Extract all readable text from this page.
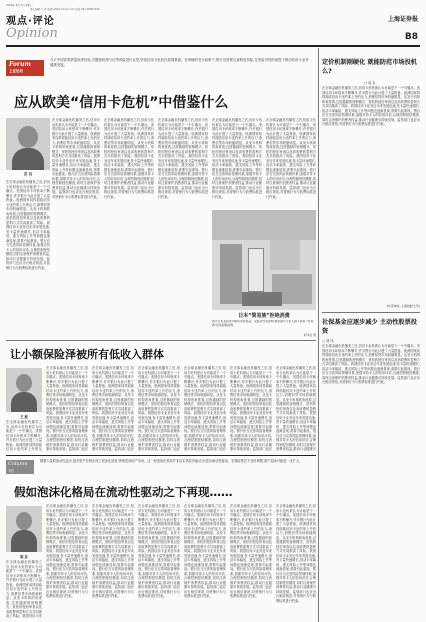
2009年 8月 4日 星期二
责任编辑:王 芳 电邮:wf@cnstock.com 电话:021-38967926
观点·评论
Opinion
上海证券报
B8
Forum
上证论坛
今天中国需要借鉴欧美经验,对激励机制与信贷风险进行反思,防范信用卡危机在我国重演。在审慎的发卡政策下,银行也需要注意防范风险,在风险可控的前提下推动信用卡业务健康发展。
应从欧美“信用卡危机”中借鉴什么
宗 良
在全球金融危机爆发之后,信用卡危机被认为可能是下一个引爆点。美国信用卡坏账率不断攀升,许多银行为此计提了大量拨备。欧洲国家同样面临信用卡违约率上升的压力,消费信贷市场收缩明显。从发卡机构的角度看,过度激励的营销模式、宽松的授信审查以及高收费的盈利方式共同推高了风险。我国信用卡业务近年来发展迅速,发卡量快速增长,但活卡率偏低、透支风险上升等问题也逐渐显现,需要引起重视。银行应当完善风险管理体系,加强对持卡人的信用评估,合理控制授信额度,同时注意保护消费者权益,推动行业健康可持续发展。监管部门也应出台相应规范,对营销行为与收费标准进行约束。
在全球金融危机爆发之后,信用卡危机被认为可能是下一个引爆点。美国信用卡坏账率不断攀升,许多银行为此计提了大量拨备。欧洲国家同样面临信用卡违约率上升的压力,消费信贷市场收缩明显。从发卡机构的角度看,过度激励的营销模式、宽松的授信审查以及高收费的盈利方式共同推高了风险。我国信用卡业务近年来发展迅速,发卡量快速增长,但活卡率偏低、透支风险上升等问题也逐渐显现,需要引起重视。银行应当完善风险管理体系,加强对持卡人的信用评估,合理控制授信额度,同时注意保护消费者权益,推动行业健康可持续发展。监管部门也应出台相应规范,对营销行为与收费标准进行约束。
在全球金融危机爆发之后,信用卡危机被认为可能是下一个引爆点。美国信用卡坏账率不断攀升,许多银行为此计提了大量拨备。欧洲国家同样面临信用卡违约率上升的压力,消费信贷市场收缩明显。从发卡机构的角度看,过度激励的营销模式、宽松的授信审查以及高收费的盈利方式共同推高了风险。我国信用卡业务近年来发展迅速,发卡量快速增长,但活卡率偏低、透支风险上升等问题也逐渐显现,需要引起重视。银行应当完善风险管理体系,加强对持卡人的信用评估,合理控制授信额度,同时注意保护消费者权益,推动行业健康可持续发展。监管部门也应出台相应规范,对营销行为与收费标准进行约束。
在全球金融危机爆发之后,信用卡危机被认为可能是下一个引爆点。美国信用卡坏账率不断攀升,许多银行为此计提了大量拨备。欧洲国家同样面临信用卡违约率上升的压力,消费信贷市场收缩明显。从发卡机构的角度看,过度激励的营销模式、宽松的授信审查以及高收费的盈利方式共同推高了风险。我国信用卡业务近年来发展迅速,发卡量快速增长,但活卡率偏低、透支风险上升等问题也逐渐显现,需要引起重视。银行应当完善风险管理体系,加强对持卡人的信用评估,合理控制授信额度,同时注意保护消费者权益,推动行业健康可持续发展。监管部门也应出台相应规范,对营销行为与收费标准进行约束。
在全球金融危机爆发之后,信用卡危机被认为可能是下一个引爆点。美国信用卡坏账率不断攀升,许多银行为此计提了大量拨备。欧洲国家同样面临信用卡违约率上升的压力,消费信贷市场收缩明显。从发卡机构的角度看,过度激励的营销模式、宽松的授信审查以及高收费的盈利方式共同推高了风险。我国信用卡业务近年来发展迅速,发卡量快速增长,但活卡率偏低、透支风险上升等问题也逐渐显现,需要引起重视。银行应当完善风险管理体系,加强对持卡人的信用评估,合理控制授信额度,同时注意保护消费者权益,推动行业健康可持续发展。监管部门也应出台相应规范,对营销行为与收费标准进行约束。
在全球金融危机爆发之后,信用卡危机被认为可能是下一个引爆点。美国信用卡坏账率不断攀升,许多银行为此计提了大量拨备。欧洲国家同样面临信用卡违约率上升的压力,消费信贷市场收缩明显。从发卡机构的角度看,过度激励的营销模式、宽松的授信审查以及高收费的盈利方式共同推高了风险。我国信用卡业务近年来发展迅速,发卡量快速增长,但活卡率偏低、透支风险上升等问题也逐渐显现,需要引起重视。银行应当完善风险管理体系,加强对持卡人的信用评估,合理控制授信额度,同时注意保护消费者权益,推动行业健康可持续发展。监管部门也应出台相应规范,对营销行为与收费标准进行约束。
日本“简易族”拒绝消费
图为日本某超市内顾客选购商品。受经济低迷影响,越来越多日本人减少消费,“简易族”拒绝超额消费。
新华社 图
让小额保险泽被所有低收入群体
王 振
在全球金融危机爆发之后,信用卡危机被认为可能是下一个引爆点。美国信用卡坏账率不断攀升,许多银行为此计提了大量拨备。欧洲国家同样面临信用卡违约率上升的压力,消费信贷市场收缩明显。从发卡机构的角度看,过度激励的营销模式、宽松的授信审查以及高收费的盈利方式共同推高了风险。我国信用卡业务近年来发展迅速,发卡量快速增长,但活卡率偏低、透支风险上升等问题也逐渐显现,需要引起重视。银行应当完善风险管理体系,加强对持卡人的信用评估,合理控制授信额度,同时注意保护消费者权益,推动行业健康可持续发展。监管部门也应
在全球金融危机爆发之后,信用卡危机被认为可能是下一个引爆点。美国信用卡坏账率不断攀升,许多银行为此计提了大量拨备。欧洲国家同样面临信用卡违约率上升的压力,消费信贷市场收缩明显。从发卡机构的角度看,过度激励的营销模式、宽松的授信审查以及高收费的盈利方式共同推高了风险。我国信用卡业务近年来发展迅速,发卡量快速增长,但活卡率偏低、透支风险上升等问题也逐渐显现,需要引起重视。银行应当完善风险管理体系,加强对持卡人的信用评估,合理控制授信额度,同时注意保护消费者权益,推动行业健康可持续发展。监管部门也应
在全球金融危机爆发之后,信用卡危机被认为可能是下一个引爆点。美国信用卡坏账率不断攀升,许多银行为此计提了大量拨备。欧洲国家同样面临信用卡违约率上升的压力,消费信贷市场收缩明显。从发卡机构的角度看,过度激励的营销模式、宽松的授信审查以及高收费的盈利方式共同推高了风险。我国信用卡业务近年来发展迅速,发卡量快速增长,但活卡率偏低、透支风险上升等问题也逐渐显现,需要引起重视。银行应当完善风险管理体系,加强对持卡人的信用评估,合理控制授信额度,同时注意保护消费者权益,推动行业健康可持续发展。监管部门也应
在全球金融危机爆发之后,信用卡危机被认为可能是下一个引爆点。美国信用卡坏账率不断攀升,许多银行为此计提了大量拨备。欧洲国家同样面临信用卡违约率上升的压力,消费信贷市场收缩明显。从发卡机构的角度看,过度激励的营销模式、宽松的授信审查以及高收费的盈利方式共同推高了风险。我国信用卡业务近年来发展迅速,发卡量快速增长,但活卡率偏低、透支风险上升等问题也逐渐显现,需要引起重视。银行应当完善风险管理体系,加强对持卡人的信用评估,合理控制授信额度,同时注意保护消费者权益,推动行业健康可持续发展。监管部门也应
在全球金融危机爆发之后,信用卡危机被认为可能是下一个引爆点。美国信用卡坏账率不断攀升,许多银行为此计提了大量拨备。欧洲国家同样面临信用卡违约率上升的压力,消费信贷市场收缩明显。从发卡机构的角度看,过度激励的营销模式、宽松的授信审查以及高收费的盈利方式共同推高了风险。我国信用卡业务近年来发展迅速,发卡量快速增长,但活卡率偏低、透支风险上升等问题也逐渐显现,需要引起重视。银行应当完善风险管理体系,加强对持卡人的信用评估,合理控制授信额度,同时注意保护消费者权益,推动行业健康可持续发展。监管部门也应
在全球金融危机爆发之后,信用卡危机被认为可能是下一个引爆点。美国信用卡坏账率不断攀升,许多银行为此计提了大量拨备。欧洲国家同样面临信用卡违约率上升的压力,消费信贷市场收缩明显。从发卡机构的角度看,过度激励的营销模式、宽松的授信审查以及高收费的盈利方式共同推高了风险。我国信用卡业务近年来发展迅速,发卡量快速增长,但活卡率偏低、透支风险上升等问题也逐渐显现,需要引起重视。银行应当完善风险管理体系,加强对持卡人的信用评估,合理控制授信额度,同时注意保护消费者权益,推动行业健康可
在全球金融危机爆发之后,信用卡危机被认为可能是下一个引爆点。美国信用卡坏账率不断攀升,许多银行为此计提了大量拨备。欧洲国家同样面临信用卡违约率上升的压
Column
专栏
随着大量的流动性溢出,很多资产价格出现了泡沫化迹象,特别是房地产市场。这一轮泡沫化格局并非由实体经济驱动,而是由流动性驱动。宏观政策若不及时调整,资产泡沫可能进一步扩大。
假如泡沫化格局在流动性驱动之下再现……
陈 东
在全球金融危机爆发之后,信用卡危机被认为可能是下一个引爆点。美国信用卡坏账率不断攀升,许多银行为此计提了大量拨备。欧洲国家同样面临信用卡违约率上升的压力,消费信贷市场收缩明显。从发卡机构的角度看,过度激励的营销模式、宽松的授信审查以及高收费的盈利方式共同推高了风险。我国信用卡业务近年来发展迅速,发卡量快速增长,但活卡率偏低、透支风险上升等问题也逐渐显现,需要引起重视。银行应当完善风险管理体系,加强对持卡人的信用评估,合理控制授信额度,同时注意保护消费者权益,推动行业健康可持续发展。监管部门也应出台相应规范,对营销行为与收费标准进行约束。
在全球金融危机爆发之后,信用卡危机被认为可能是下一个引爆点。美国信用卡坏账率不断攀升,许多银行为此计提了大量拨备。欧洲国家同样面临信用卡违约率上升的压力,消费信贷市场收缩明显。从发卡机构的角度看,过度激励的营销模式、宽松的授信审查以及高收费的盈利方式共同推高了风险。我国信用卡业务近年来发展迅速,发卡量快速增长,但活卡率偏低、透支风险上升等问题也逐渐显现,需要引起重视。银行应当完善风险管理体系,加强对持卡人的信用评估,合理控制授信额度,同时注意保护消费者权益,推动行业健康可持续发展。监管部门也应出台相应规范,对营销行为与收费标准进行约束。
在全球金融危机爆发之后,信用卡危机被认为可能是下一个引爆点。美国信用卡坏账率不断攀升,许多银行为此计提了大量拨备。欧洲国家同样面临信用卡违约率上升的压力,消费信贷市场收缩明显。从发卡机构的角度看,过度激励的营销模式、宽松的授信审查以及高收费的盈利方式共同推高了风险。我国信用卡业务近年来发展迅速,发卡量快速增长,但活卡率偏低、透支风险上升等问题也逐渐显现,需要引起重视。银行应当完善风险管理体系,加强对持卡人的信用评估,合理控制授信额度,同时注意保护消费者权益,推动行业健康可持续发展。监管部门也应出台相应规范,对营销行为与收费标准进行约束。
在全球金融危机爆发之后,信用卡危机被认为可能是下一个引爆点。美国信用卡坏账率不断攀升,许多银行为此计提了大量拨备。欧洲国家同样面临信用卡违约率上升的压力,消费信贷市场收缩明显。从发卡机构的角度看,过度激励的营销模式、宽松的授信审查以及高收费的盈利方式共同推高了风险。我国信用卡业务近年来发展迅速,发卡量快速增长,但活卡率偏低、透支风险上升等问题也逐渐显现,需要引起重视。银行应当完善风险管理体系,加强对持卡人的信用评估,合理控制授信额度,同时注意保护消费者权益,推动行业健康可持续发展。监管部门也应出台相应规范,对营销行为与收费标准进行约束。
在全球金融危机爆发之后,信用卡危机被认为可能是下一个引爆点。美国信用卡坏账率不断攀升,许多银行为此计提了大量拨备。欧洲国家同样面临信用卡违约率上升的压力,消费信贷市场收缩明显。从发卡机构的角度看,过度激励的营销模式、宽松的授信审查以及高收费的盈利方式共同推高了风险。我国信用卡业务近年来发展迅速,发卡量快速增长,但活卡率偏低、透支风险上升等问题也逐渐显现,需要引起重视。银行应当完善风险管理体系,加强对持卡人的信用评估,合理控制授信额度,同时注意保护消费者权益,推动行业健康可持续发展。监管部门也应出台相应规范,对营销行为与收费标准进行约束。
在全球金融危机爆发之后,信用卡危机被认为可能是下一个引爆点。美国信用卡坏账率不断攀升,许多银行为此计提了大量拨备。欧洲国家同样面临信用卡违约率上升的压力,消费信贷市场收缩明显。从发卡机构的角度看,过度激励的营销模式、宽松的授信审查以及高收费的盈利方式共同推高了风险。我国信用卡业务近年来发展迅速,发卡量快速增长,但活卡率偏低、透支风险上升等问题也逐渐显现,需要引起重视。银行应当完善风险管理体系,加强对持卡人的信用评估,合理控制授信额度,同时注意保护消费者权益,推动行业健康可持续发展。监管部门也应出台相应规范,对营销行为与收费标准进行约束。
在全球金融危机爆发之后,信用卡危机被认为可能是下一个引爆点。美国信用卡坏账率不断攀升,许多银行为此计提了大量拨备。欧洲国家同样面临信用卡违约率上升的压力,消费信贷市场收缩明显。从发卡机构的角度看,过度激励的营销模式、宽松的授信审查以及高收费的盈利方式共同推高了风险。我国信用卡业
定价机制刚硬化 就能防范市场投机么?
□ 周 永
在全球金融危机爆发之后,信用卡危机被认为可能是下一个引爆点。美国信用卡坏账率不断攀升,许多银行为此计提了大量拨备。欧洲国家同样面临信用卡违约率上升的压力,消费信贷市场收缩明显。从发卡机构的角度看,过度激励的营销模式、宽松的授信审查以及高收费的盈利方式共同推高了风险。我国信用卡业务近年来发展迅速,发卡量快速增长,但活卡率偏低、透支风险上升等问题也逐渐显现,需要引起重视。银行应当完善风险管理体系,加强对持卡人的信用评估,合理控制授信额度,同时注意保护消费者权益,推动行业健康可持续发展。监管部门也应出台相应规范,对营销行为与收费标准进行约束。
(作者单位:上海财经大学)
社保基金应逐步减少 主动性股票投资
□ 刘 伟
在全球金融危机爆发之后,信用卡危机被认为可能是下一个引爆点。美国信用卡坏账率不断攀升,许多银行为此计提了大量拨备。欧洲国家同样面临信用卡违约率上升的压力,消费信贷市场收缩明显。从发卡机构的角度看,过度激励的营销模式、宽松的授信审查以及高收费的盈利方式共同推高了风险。我国信用卡业务近年来发展迅速,发卡量快速增长,但活卡率偏低、透支风险上升等问题也逐渐显现,需要引起重视。银行应当完善风险管理体系,加强对持卡人的信用评估,合理控制授信额度,同时注意保护消费者权益,推动行业健康可持续发展。监管部门也应出台相应规范,对营销行为与收费标准进行约束。
